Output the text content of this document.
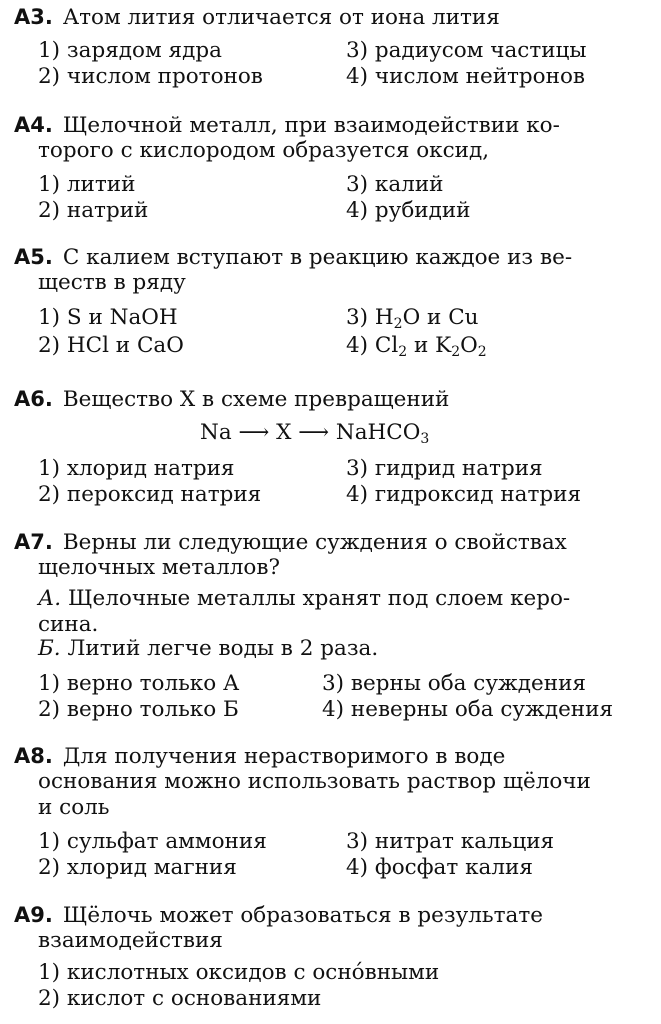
А3. Атом лития отличается от иона лития
1) зарядом ядра	3) радиусом частицы
2) числом протонов	4) числом нейтронов
А4. Щелочной металл, при взаимодействии ко-
торого с кислородом образуется оксид,
1) литий	3) калий
2) натрий	4) рубидий
А5. С калием вступают в реакцию каждое из ве-
ществ в ряду
1) S и NaOH	3) $H_2O$ и Cu
2) HCl и CaO	4) $Cl_2$ и $K_2O_2$
А6. Вещество X в схеме превращений
Na ⟶ X ⟶ NaHCO$_3$
1) хлорид натрия	3) гидрид натрия
2) пероксид натрия	4) гидроксид натрия
А7. Верны ли следующие суждения о свойствах
щелочных металлов?
А. Щелочные металлы хранят под слоем керо-
сина.
Б. Литий легче воды в 2 раза.
1) верно только А	3) верны оба суждения
2) верно только Б	4) неверны оба суждения
А8. Для получения нерастворимого в воде
основания можно использовать раствор щёлочи
и соль
1) сульфат аммония	3) нитрат кальция
2) хлорид магния	4) фосфат калия
А9. Щёлочь может образоваться в результате
взаимодействия
1) кислотных оксидов с оснóвными
2) кислот с основаниями
